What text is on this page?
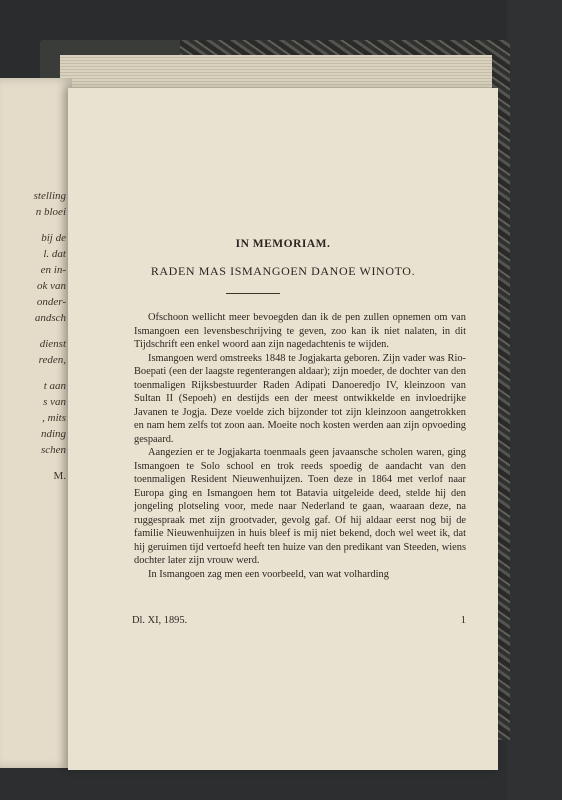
stelling
n bloei
bij de
l. dat
en in-
ok van
onder-
andsch
dienst
reden,
t aan
s van
, mits
nding
schen
M.
IN MEMORIAM.
RADEN MAS ISMANGOEN DANOE WINOTO.

Ofschoon wellicht meer bevoegden dan ik de pen zullen opnemen om van Ismangoen een levensbeschrijving te geven, zoo kan ik niet nalaten, in dit Tijdschrift een enkel woord aan zijn nagedachtenis te wijden.

Ismangoen werd omstreeks 1848 te Jogjakarta geboren. Zijn vader was Rio-Boepati (een der laagste regenterangen aldaar); zijn moeder, de dochter van den toenmaligen Rijksbestuurder Raden Adipati Danoeredjo IV, kleinzoon van Sultan II (Sepoeh) en destijds een der meest ontwikkelde en invloedrijke Javanen te Jogja. Deze voelde zich bijzonder tot zijn kleinzoon aangetrokken en nam hem zelfs tot zoon aan. Moeite noch kosten werden aan zijn opvoeding gespaard.

Aangezien er te Jogjakarta toenmaals geen javaansche scholen waren, ging Ismangoen te Solo school en trok reeds spoedig de aandacht van den toenmaligen Resident Nieuwenhuijzen. Toen deze in 1864 met verlof naar Europa ging en Ismangoen hem tot Batavia uitgeleide deed, stelde hij den jongeling plotseling voor, mede naar Nederland te gaan, waaraan deze, na ruggespraak met zijn grootvader, gevolg gaf. Of hij aldaar eerst nog bij de familie Nieuwenhuijzen in huis bleef is mij niet bekend, doch wel weet ik, dat hij geruimen tijd vertoefd heeft ten huize van den predikant van Steeden, wiens dochter later zijn vrouw werd.

In Ismangoen zag men een voorbeeld, van wat volharding

Dl. XI, 1895.	1
